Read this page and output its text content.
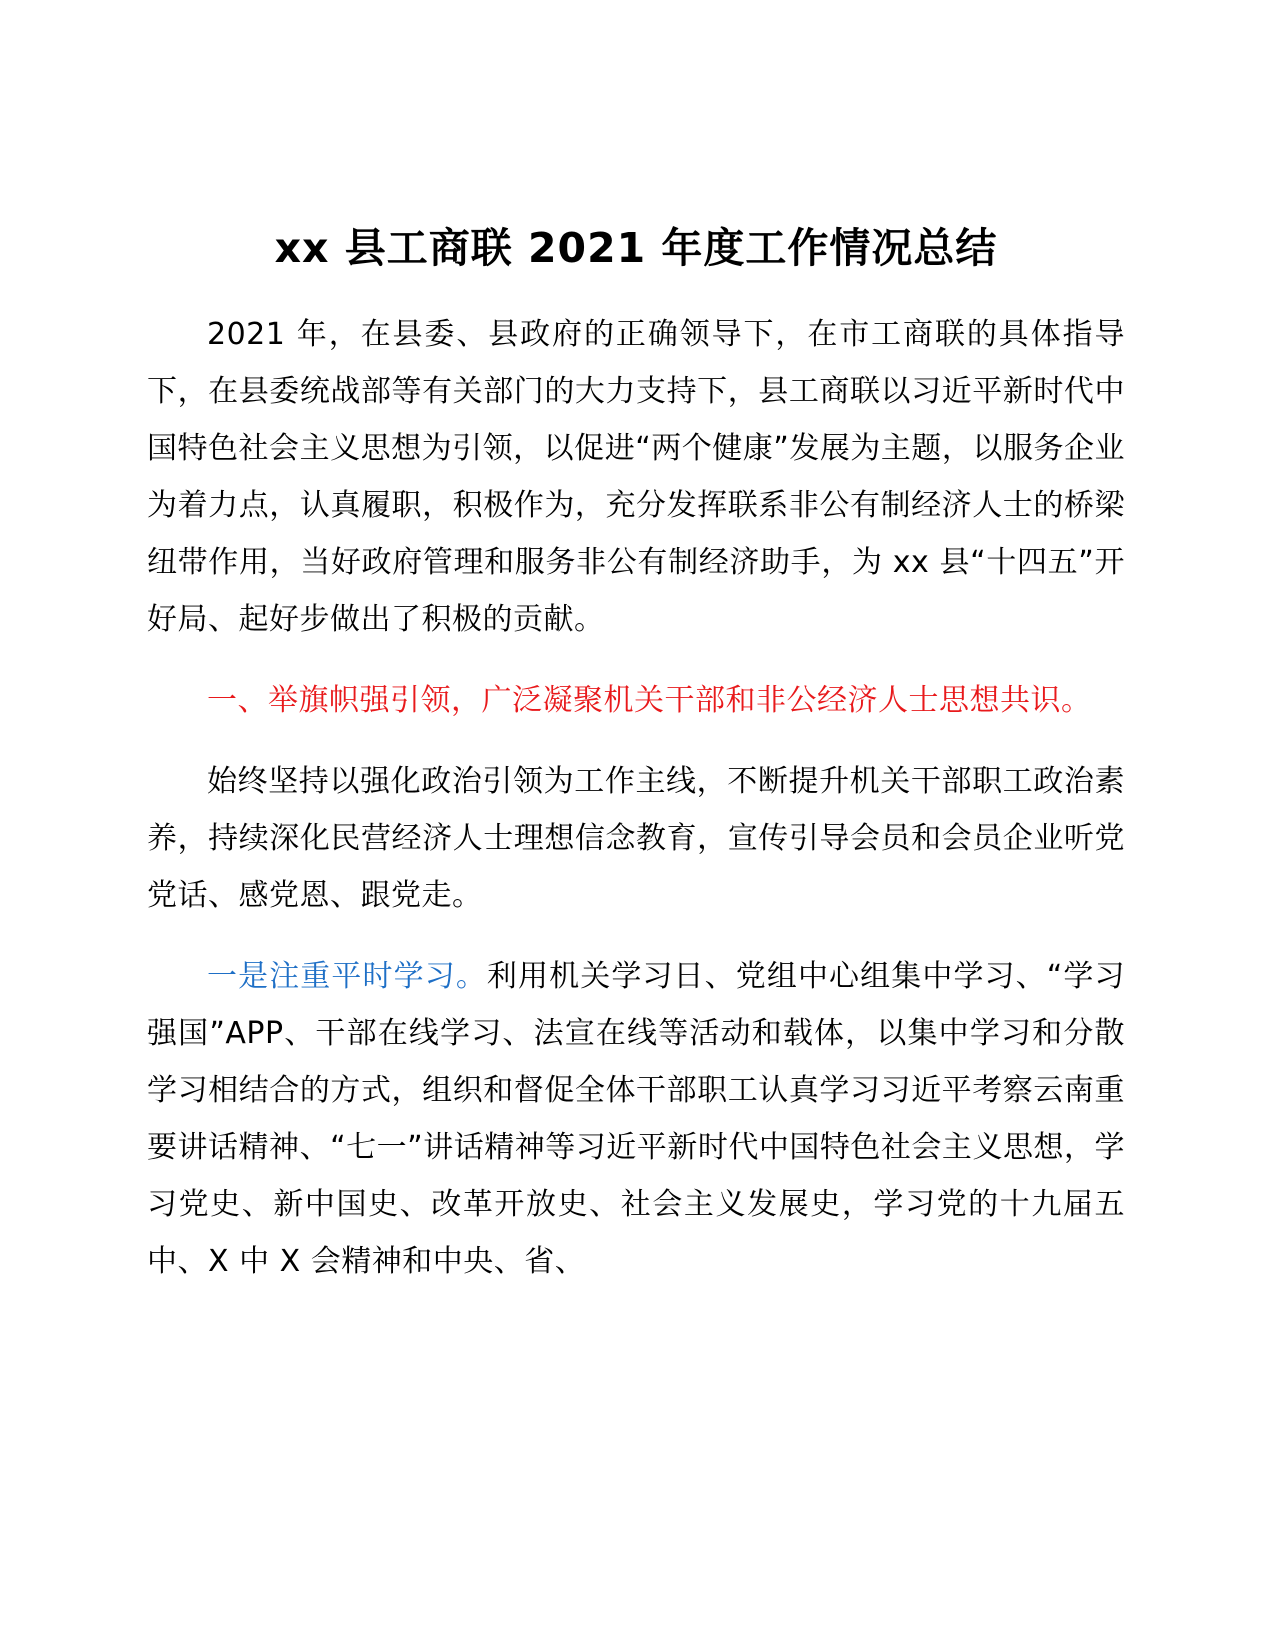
xx 县工商联 2021 年度工作情况总结

2021 年，在县委、县政府的正确领导下，在市工商联的具体指导下，在县委统战部等有关部门的大力支持下，县工商联以习近平新时代中国特色社会主义思想为引领，以促进“两个健康”发展为主题，以服务企业为着力点，认真履职，积极作为，充分发挥联系非公有制经济人士的桥梁纽带作用，当好政府管理和服务非公有制经济助手，为 xx 县“十四五”开好局、起好步做出了积极的贡献。

一、举旗帜强引领，广泛凝聚机关干部和非公经济人士思想共识。

始终坚持以强化政治引领为工作主线，不断提升机关干部职工政治素养，持续深化民营经济人士理想信念教育，宣传引导会员和会员企业听党党话、感党恩、跟党走。

一是注重平时学习。利用机关学习日、党组中心组集中学习、“学习强国”APP、干部在线学习、法宣在线等活动和载体，以集中学习和分散学习相结合的方式，组织和督促全体干部职工认真学习习近平考察云南重要讲话精神、“七一”讲话精神等习近平新时代中国特色社会主义思想，学习党史、新中国史、改革开放史、社会主义发展史，学习党的十九届五中、X 中 X 会精神和中央、省、
